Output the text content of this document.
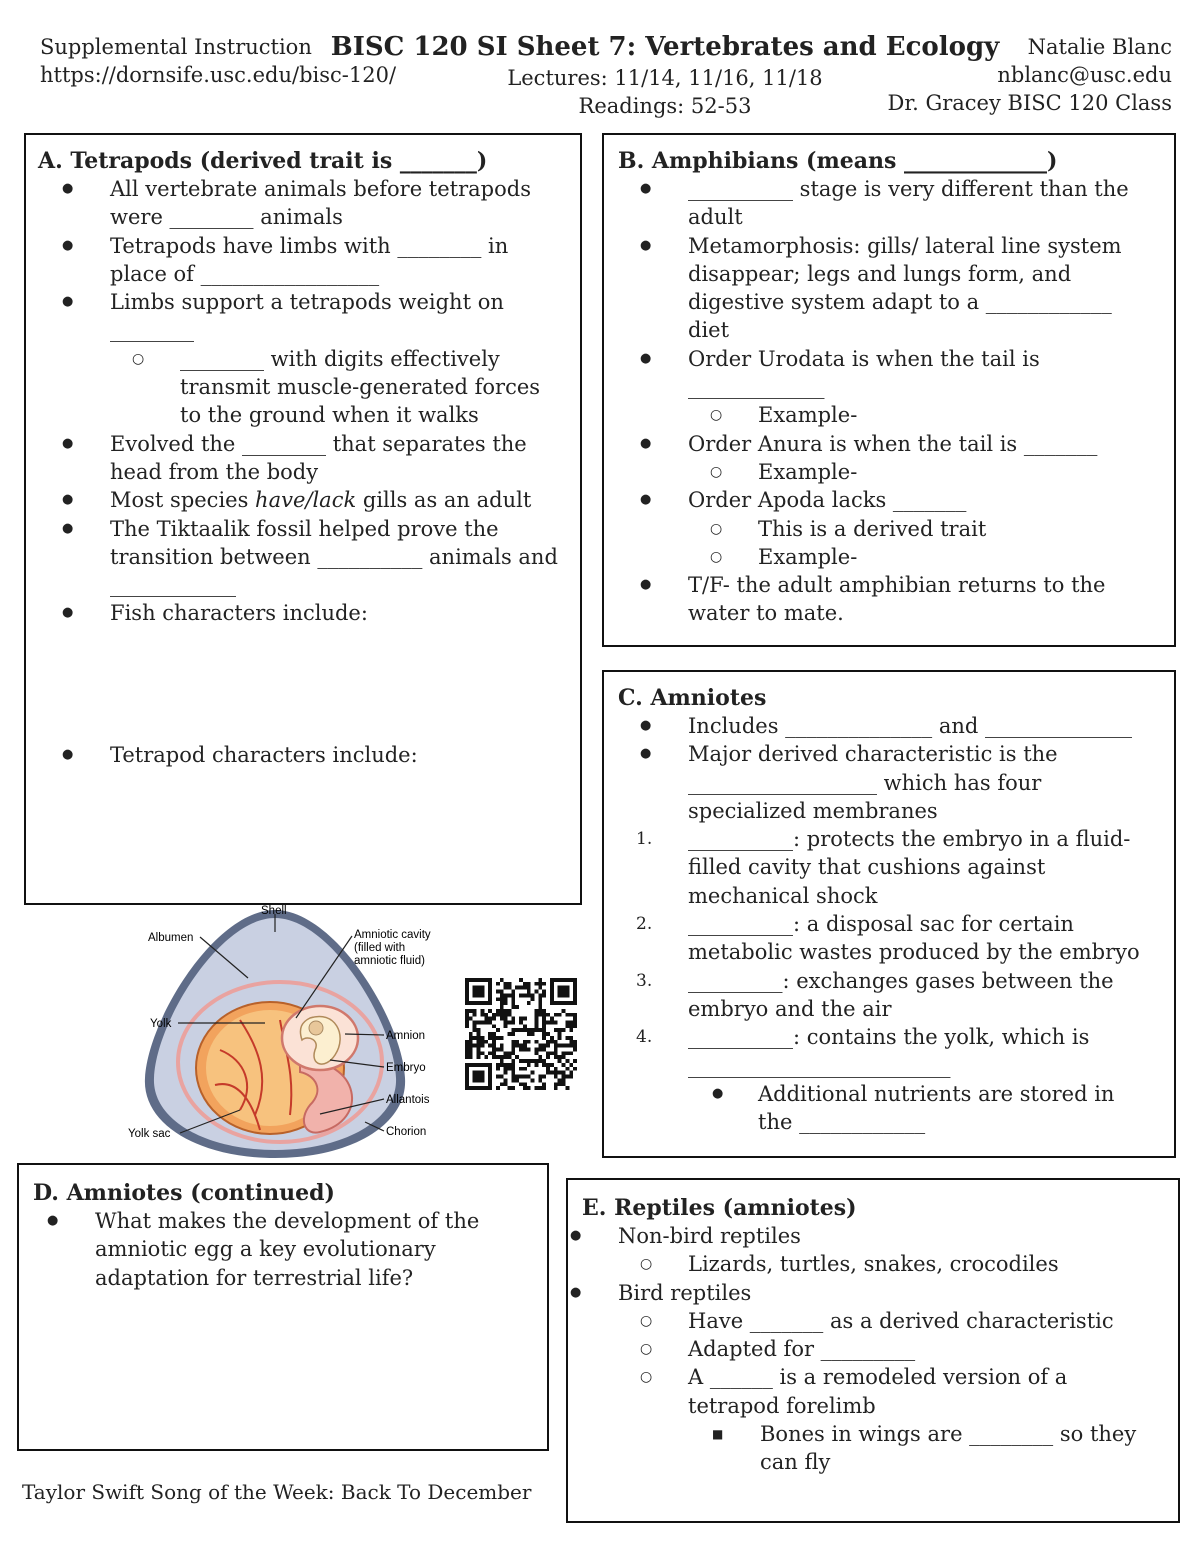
Supplemental Instruction
https://dornsife.usc.edu/bisc-120/
BISC 120 SI Sheet 7: Vertebrates and Ecology
Lectures: 11/14, 11/16, 11/18
Readings: 52-53
Natalie Blanc
nblanc@usc.edu
Dr. Gracey BISC 120 Class
A. Tetrapods (derived trait is _______)
● All vertebrate animals before tetrapods were ________ animals
● Tetrapods have limbs with ________ in place of _________________
● Limbs support a tetrapods weight on ________
○ ________ with digits effectively transmit muscle-generated forces to the ground when it walks
● Evolved the ________ that separates the head from the body
● Most species have/lack gills as an adult
● The Tiktaalik fossil helped prove the transition between __________ animals and ____________
● Fish characters include:
● Tetrapod characters include:
B. Amphibians (means _____________)
● __________ stage is very different than the adult
● Metamorphosis: gills/ lateral line system disappear; legs and lungs form, and digestive system adapt to a ____________ diet
● Order Urodata is when the tail is _____________
○ Example-
● Order Anura is when the tail is _______
○ Example-
● Order Apoda lacks _______
○ This is a derived trait
○ Example-
● T/F- the adult amphibian returns to the water to mate.
C. Amniotes
● Includes ______________ and ______________
● Major derived characteristic is the __________________ which has four specialized membranes
1. __________: protects the embryo in a fluid-filled cavity that cushions against mechanical shock
2. __________: a disposal sac for certain metabolic wastes produced by the embryo
3. _________: exchanges gases between the embryo and the air
4. __________: contains the yolk, which is _________________________
● Additional nutrients are stored in the ____________
Shell
Albumen	Amniotic cavity
(filled with
amniotic fluid)
Yolk
Amnion
Embryo
Allantois
Yolk sac	Chorion
D. Amniotes (continued)
● What makes the development of the amniotic egg a key evolutionary adaptation for terrestrial life?
E. Reptiles (amniotes)
● Non-bird reptiles
○ Lizards, turtles, snakes, crocodiles
● Bird reptiles
○ Have _______ as a derived characteristic
○ Adapted for _________
○ A ______ is a remodeled version of a tetrapod forelimb
■ Bones in wings are ________ so they can fly
Taylor Swift Song of the Week: Back To December
